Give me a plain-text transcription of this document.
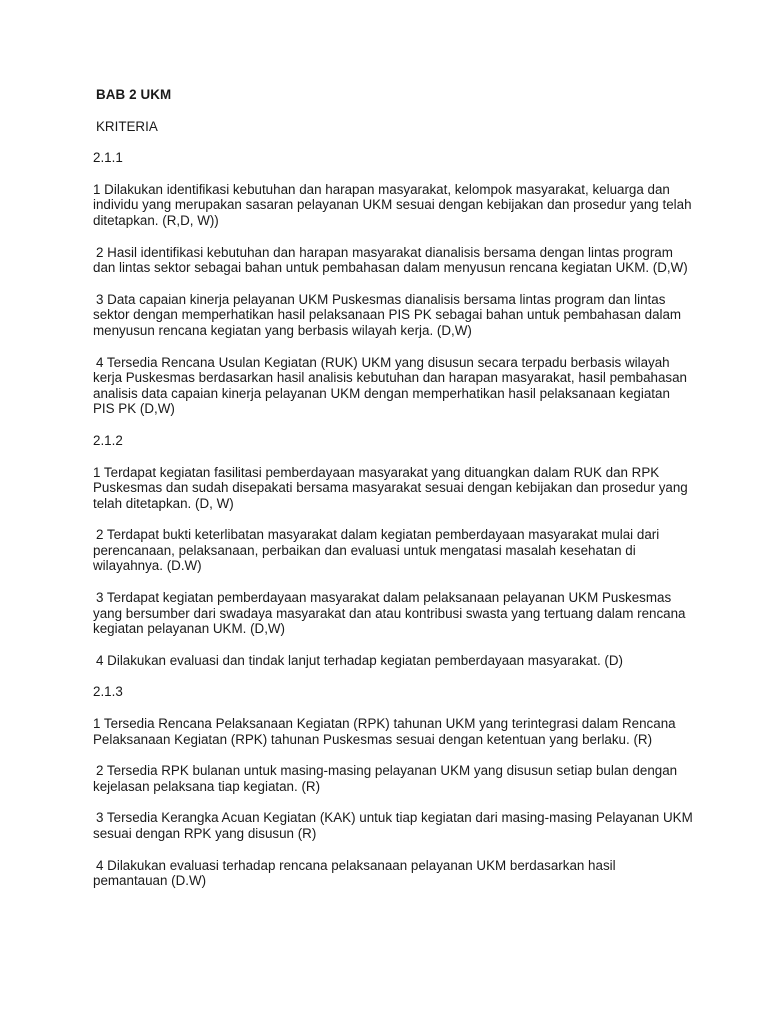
BAB 2 UKM
KRITERIA
2.1.1
1 Dilakukan identifikasi kebutuhan dan harapan masyarakat, kelompok masyarakat, keluarga dan individu yang merupakan sasaran pelayanan UKM sesuai dengan kebijakan dan prosedur yang telah ditetapkan. (R,D, W))
2 Hasil identifikasi kebutuhan dan harapan masyarakat dianalisis bersama dengan lintas program dan lintas sektor sebagai bahan untuk pembahasan dalam menyusun rencana kegiatan UKM. (D,W)
3 Data capaian kinerja pelayanan UKM Puskesmas dianalisis bersama lintas program dan lintas sektor dengan memperhatikan hasil pelaksanaan PIS PK sebagai bahan untuk pembahasan dalam menyusun rencana kegiatan yang berbasis wilayah kerja. (D,W)
4 Tersedia Rencana Usulan Kegiatan (RUK) UKM yang disusun secara terpadu berbasis wilayah kerja Puskesmas berdasarkan hasil analisis kebutuhan dan harapan masyarakat, hasil pembahasan analisis data capaian kinerja pelayanan UKM dengan memperhatikan hasil pelaksanaan kegiatan PIS PK (D,W)
2.1.2
1 Terdapat kegiatan fasilitasi pemberdayaan masyarakat yang dituangkan dalam RUK dan RPK Puskesmas dan sudah disepakati bersama masyarakat sesuai dengan kebijakan dan prosedur yang telah ditetapkan. (D, W)
2 Terdapat bukti keterlibatan masyarakat dalam kegiatan pemberdayaan masyarakat mulai dari perencanaan, pelaksanaan, perbaikan dan evaluasi untuk mengatasi masalah kesehatan di wilayahnya. (D.W)
3 Terdapat kegiatan pemberdayaan masyarakat dalam pelaksanaan pelayanan UKM Puskesmas yang bersumber dari swadaya masyarakat dan atau kontribusi swasta yang tertuang dalam rencana kegiatan pelayanan UKM. (D,W)
4 Dilakukan evaluasi dan tindak lanjut terhadap kegiatan pemberdayaan masyarakat. (D)
2.1.3
1 Tersedia Rencana Pelaksanaan Kegiatan (RPK) tahunan UKM yang terintegrasi dalam Rencana Pelaksanaan Kegiatan (RPK) tahunan Puskesmas sesuai dengan ketentuan yang berlaku. (R)
2 Tersedia RPK bulanan untuk masing-masing pelayanan UKM yang disusun setiap bulan dengan kejelasan pelaksana tiap kegiatan. (R)
3 Tersedia Kerangka Acuan Kegiatan (KAK) untuk tiap kegiatan dari masing-masing Pelayanan UKM sesuai dengan RPK yang disusun (R)
4 Dilakukan evaluasi terhadap rencana pelaksanaan pelayanan UKM berdasarkan hasil pemantauan (D.W)
